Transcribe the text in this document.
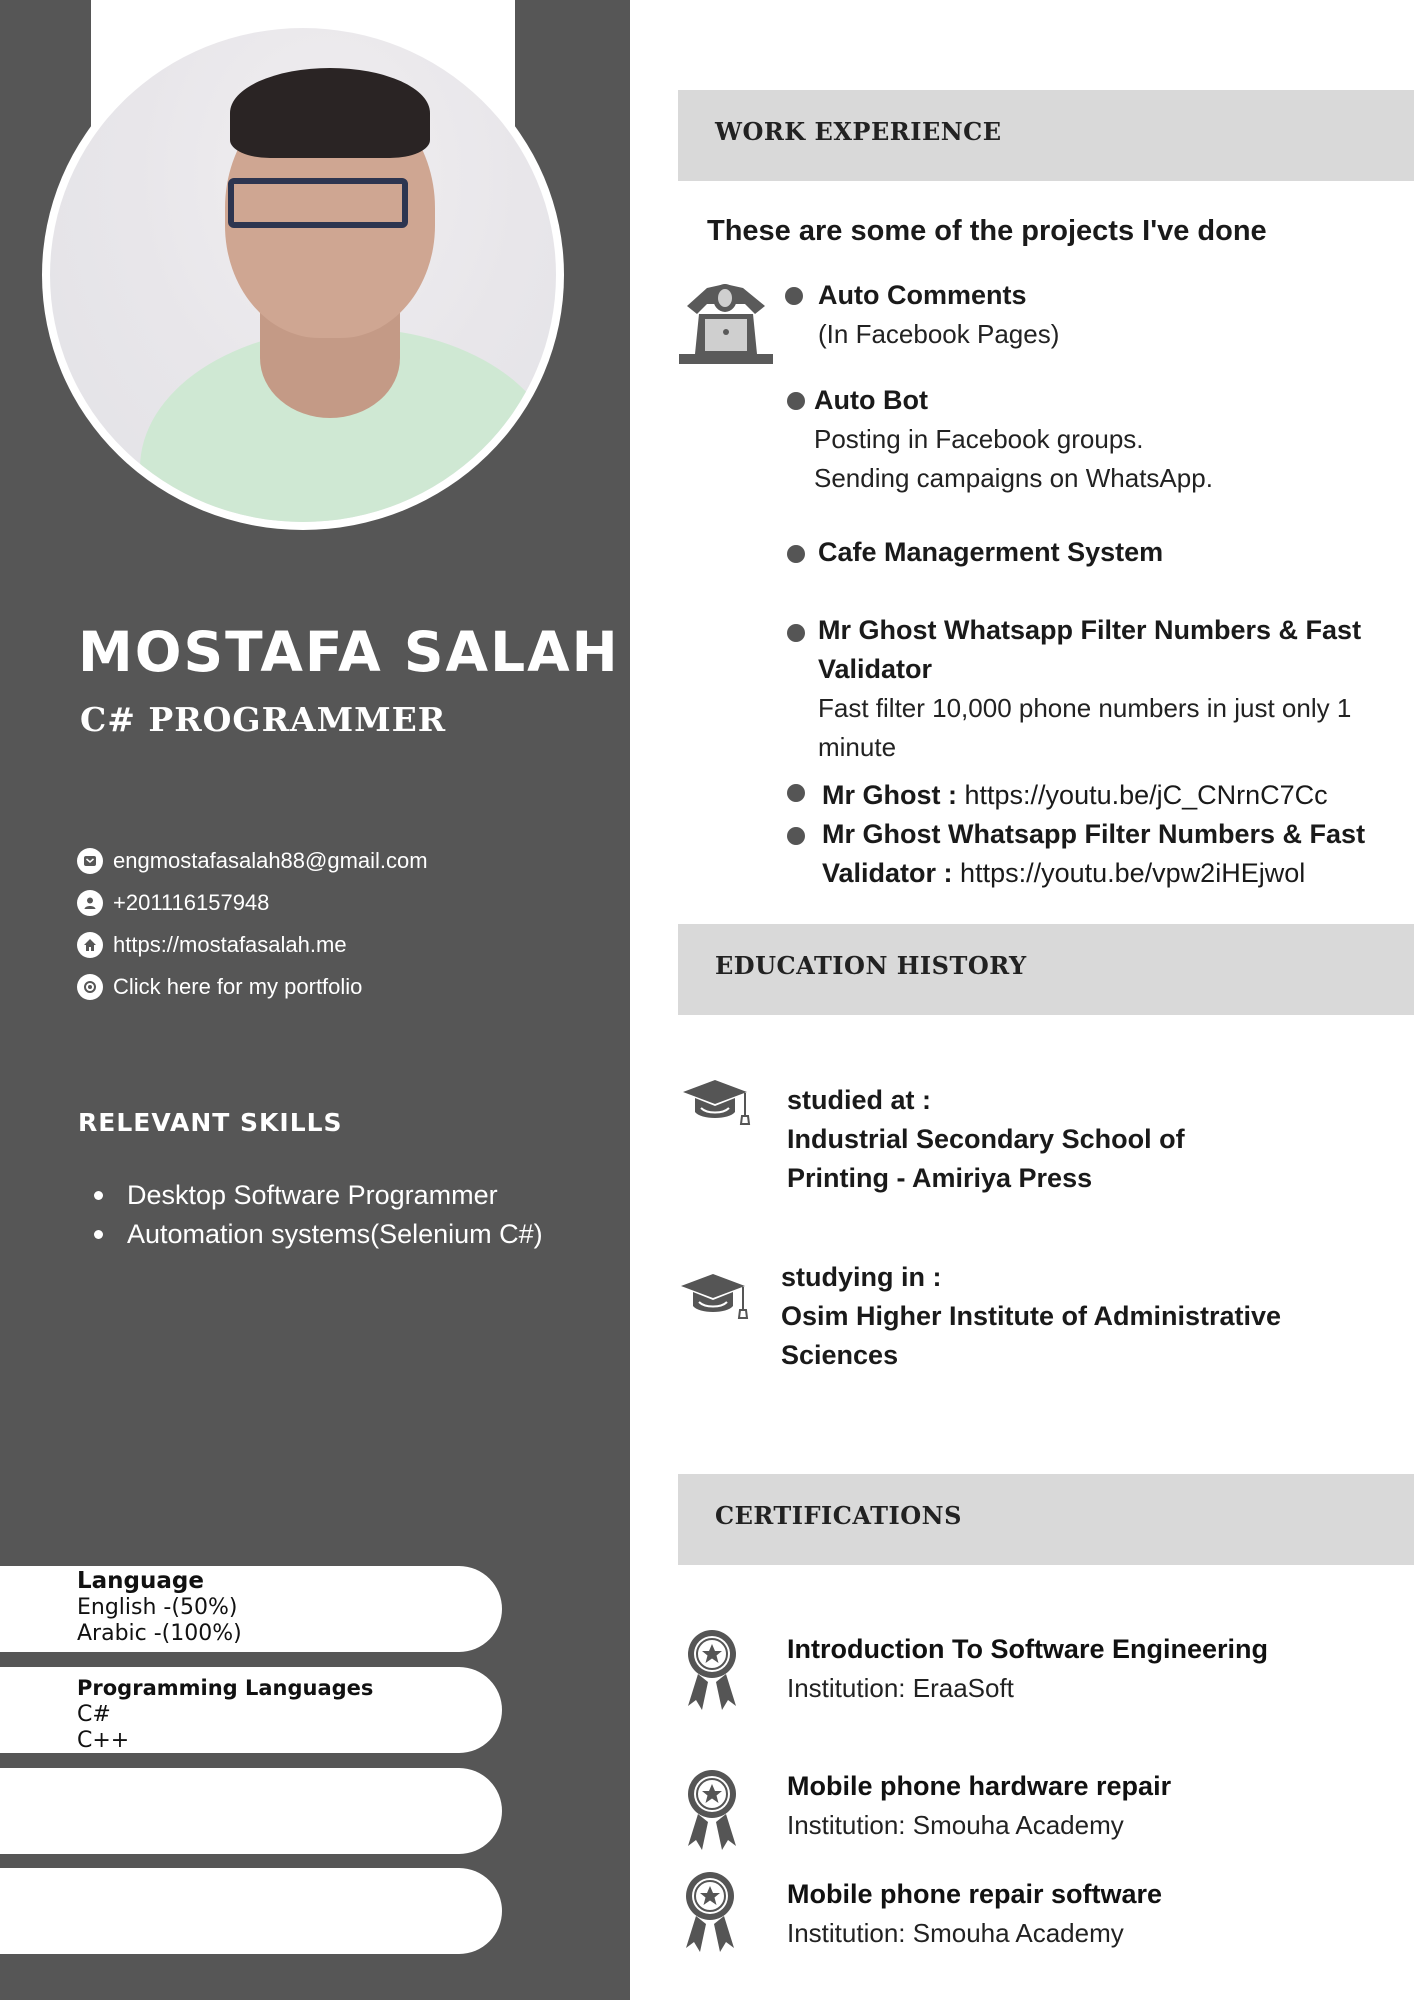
MOSTAFA SALAH
C# PROGRAMMER
engmostafasalah88@gmail.com
+201116157948
https://mostafasalah.me
Click here for my portfolio
RELEVANT SKILLS
Desktop Software Programmer
Automation systems(Selenium C#)
Language
English -(50%)
Arabic -(100%)
Programming Languages
C#
C++
WORK EXPERIENCE
These are some of the projects I've done
Auto Comments
(In Facebook Pages)
Auto Bot
Posting in Facebook groups.
Sending campaigns on WhatsApp.
Cafe Managerment System
Mr Ghost Whatsapp Filter Numbers & Fast
Validator
Fast filter 10,000 phone numbers in just only 1
minute
Mr Ghost : https://youtu.be/jC_CNrnC7Cc
Mr Ghost Whatsapp Filter Numbers & Fast
Validator : https://youtu.be/vpw2iHEjwol
EDUCATION HISTORY
studied at :
Industrial Secondary School of
Printing - Amiriya Press
studying in :
Osim Higher Institute of Administrative
Sciences
CERTIFICATIONS
Introduction To Software Engineering
Institution: EraaSoft
Mobile phone hardware repair
Institution: Smouha Academy
Mobile phone repair software
Institution: Smouha Academy
